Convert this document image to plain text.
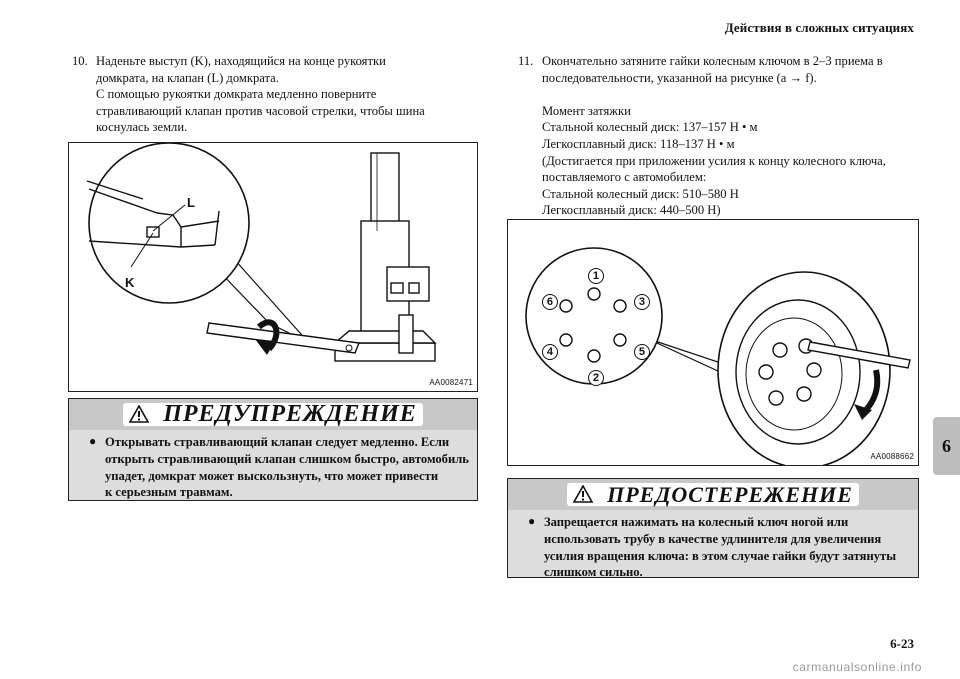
Действия в сложных ситуациях
6
10. Наденьте выступ (K), находящийся на конце рукоятки
домкрата, на клапан (L) домкрата.
С помощью рукоятки домкрата медленно поверните
стравливающий клапан против часовой стрелки, чтобы шина
коснулась земли.
L
K
AA0082471
ПРЕДУПРЕЖДЕНИЕ
● Открывать стравливающий клапан следует медленно. Если
открыть стравливающий клапан слишком быстро, автомобиль
упадет, домкрат может выскользнуть, что может привести
к серьезным травмам.
11. Окончательно затяните гайки колесным ключом в 2‒3 приема в
последовательности, указанной на рисунке (a → f).
Момент затяжки
Стальной колесный диск: 137‒157 Н • м
Легкосплавный диск: 118‒137 Н • м
(Достигается при приложении усилия к концу колесного ключа,
поставляемого с автомобилем:
Стальной колесный диск: 510‒580 Н
Легкосплавный диск: 440‒500 Н)
1
2
3
4	5
6
AA0088662
ПРЕДОСТЕРЕЖЕНИЕ
● Запрещается нажимать на колесный ключ ногой или
использовать трубу в качестве удлинителя для увеличения
усилия вращения ключа: в этом случае гайки будут затянуты
слишком сильно.
6-23
carmanualsonline.info
